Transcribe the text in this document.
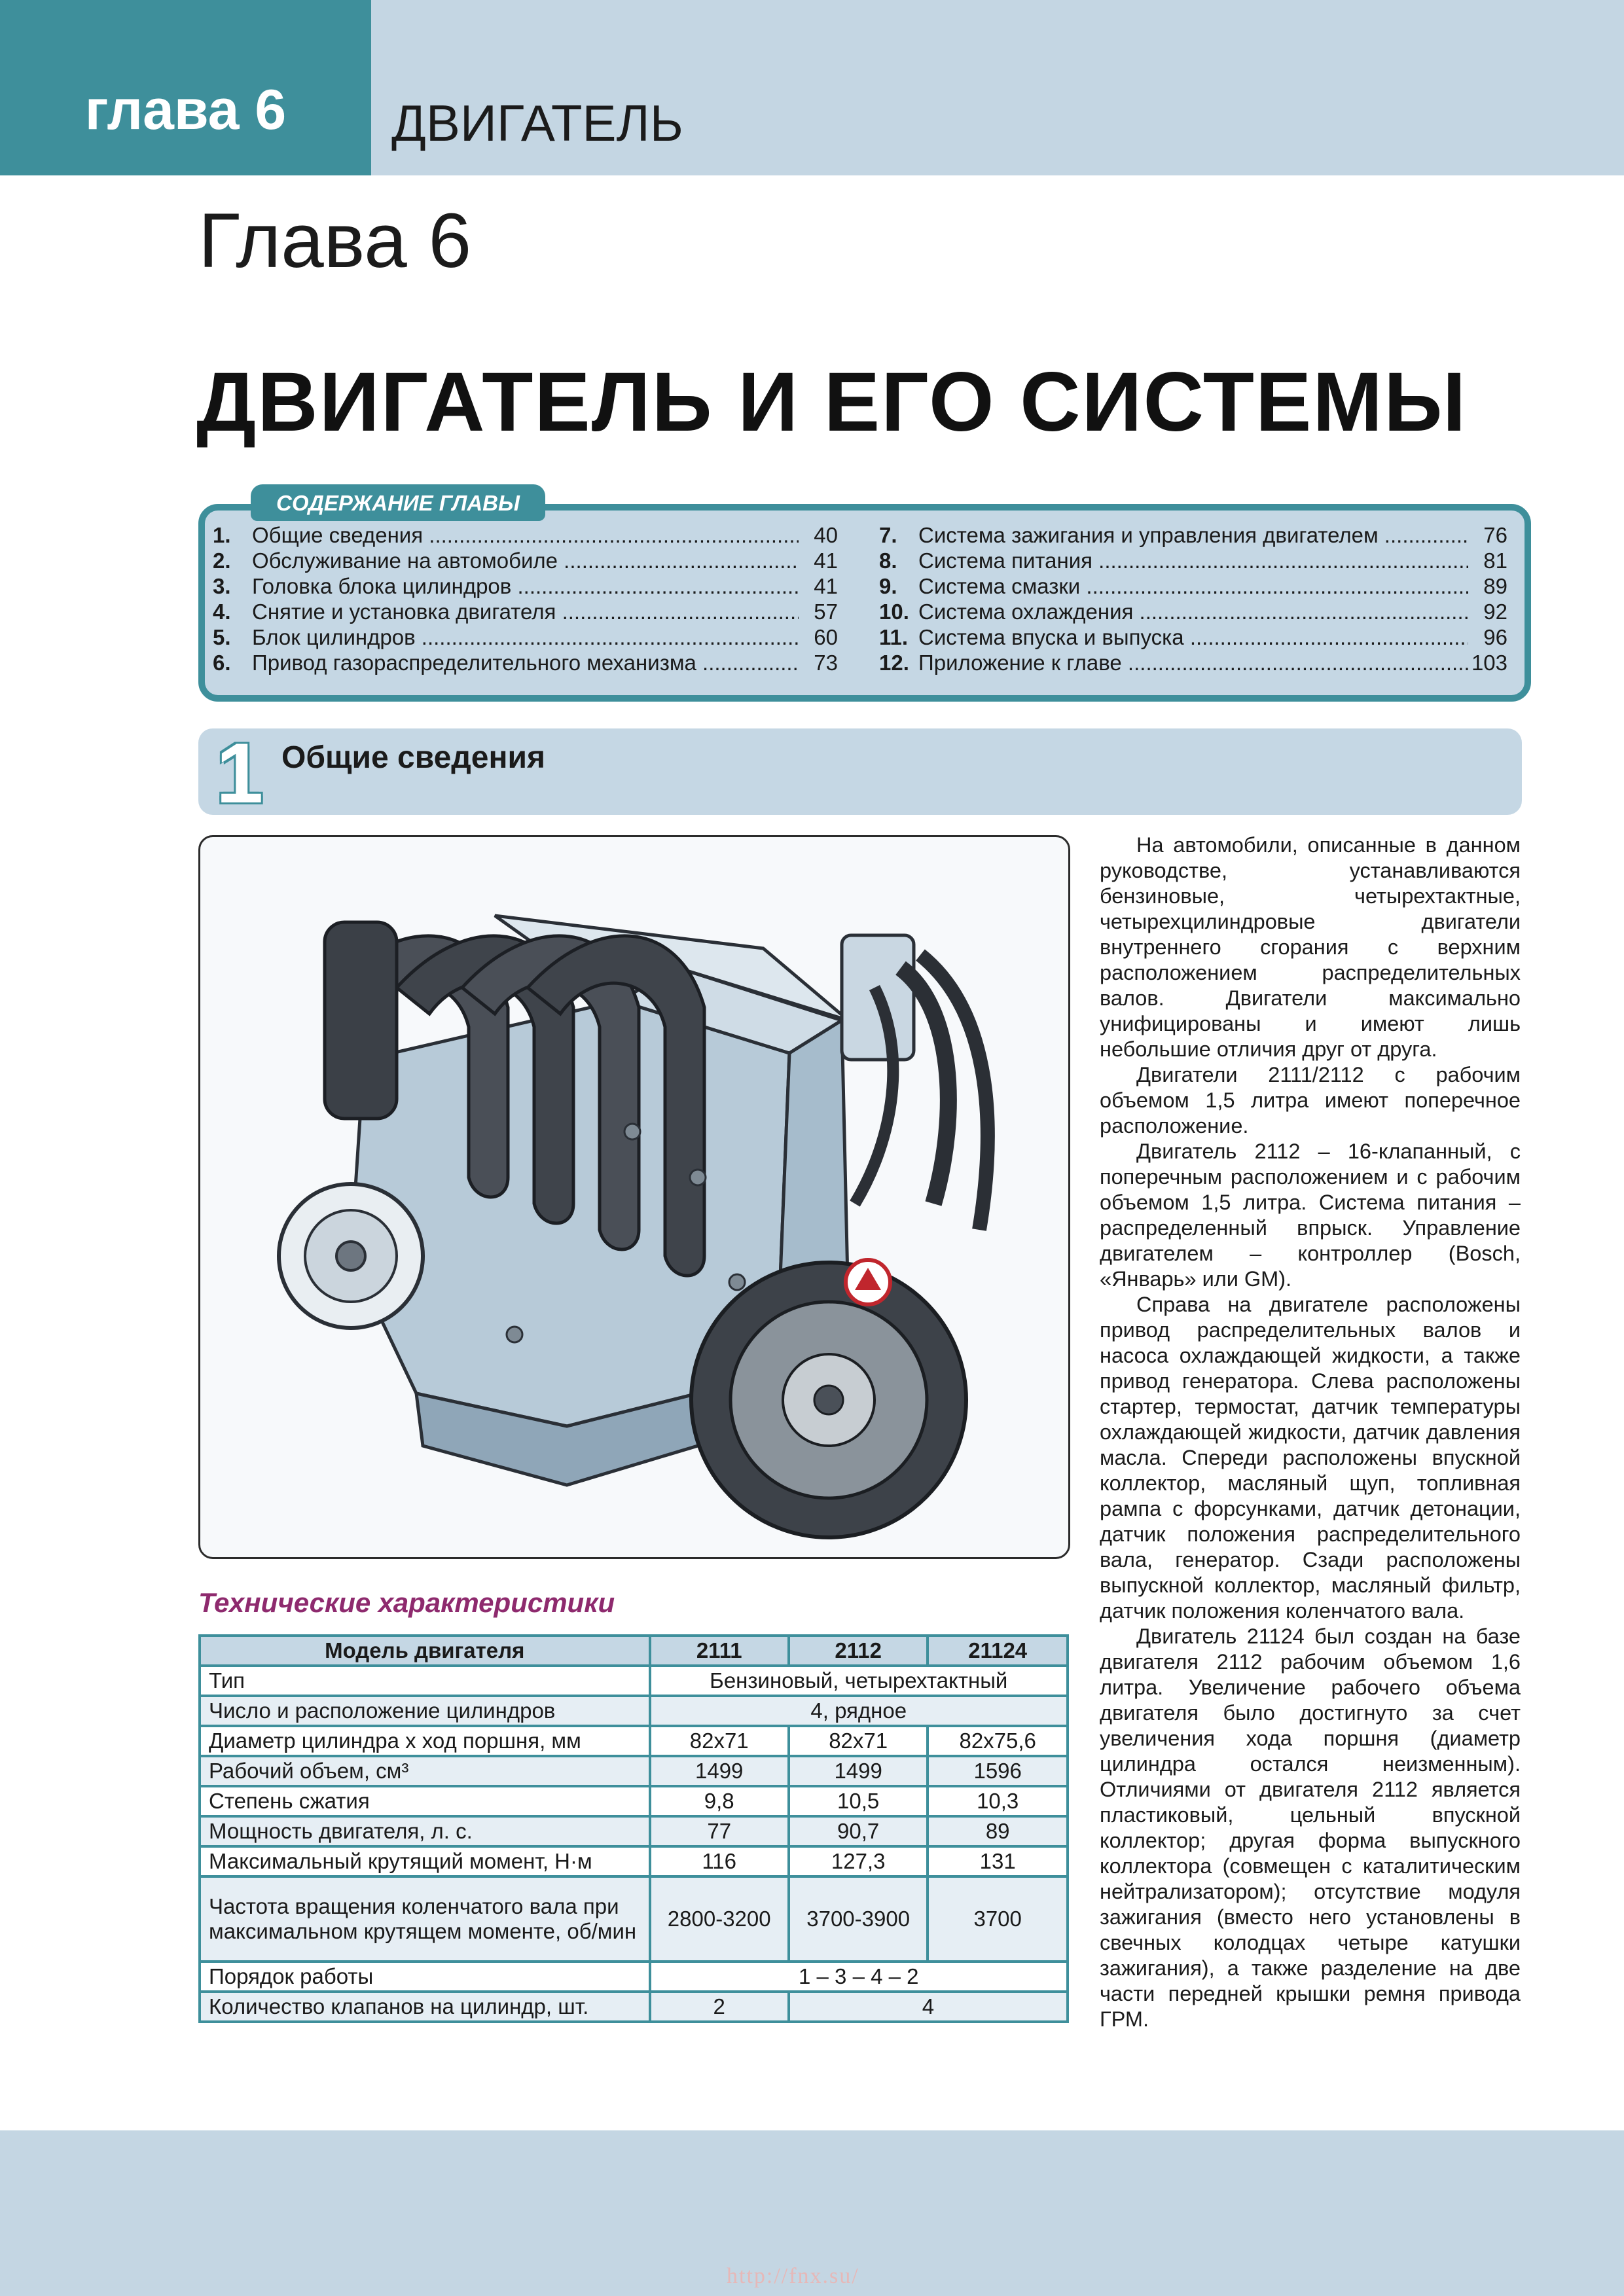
глава 6	ДВИГАТЕЛЬ
Глава 6
ДВИГАТЕЛЬ И ЕГО СИСТЕМЫ
СОДЕРЖАНИЕ ГЛАВЫ
1. Общие сведения .....	40
2. Обслуживание на автомобиле .....	41
3. Головка блока цилиндров .....	41
4. Снятие и установка двигателя .....	57
5. Блок цилиндров .....	60
6. Привод газораспределительного механизма .....	73
7. Система зажигания и управления двигателем .....	76
8. Система питания .....	81
9. Система смазки .....	89
10. Система охлаждения .....	92
11. Система впуска и выпуска .....	96
12. Приложение к главе .....	103
1 Общие сведения
Технические характеристики
Модель двигателя	2111	2112	21124
Тип	Бензиновый, четырехтактный		
Число и расположение цилиндров	4, рядное		
Диаметр цилиндра х ход поршня, мм	82х71	82х71	82х75,6
Рабочий объем, см³	1499	1499	1596
Степень сжатия	9,8	10,5	10,3
Мощность двигателя, л. с.	77	90,7	89
Максимальный крутящий момент, Н·м	116	127,3	131
Частота вращения коленчатого вала при максимальном крутящем моменте, об/мин	2800-3200	3700-3900	3700
Порядок работы	1 – 3 – 4 – 2		
Количество клапанов на цилиндр, шт.	2	4	

На автомобили, описанные в данном руководстве, устанавливаются бензиновые, четырехтактные, четырехцилиндровые двигатели внутреннего сгорания с верхним расположением распределительных валов. Двигатели максимально унифицированы и имеют лишь небольшие отличия друг от друга.

Двигатели 2111/2112 с рабочим объемом 1,5 литра имеют поперечное расположение.

Двигатель 2112 – 16-клапанный, с поперечным расположением и с рабочим объемом 1,5 литра. Система питания – распределенный впрыск. Управление двигателем – контроллер (Bosch, «Январь» или GM).

Справа на двигателе расположены привод распределительных валов и насоса охлаждающей жидкости, а также привод генератора. Слева расположены стартер, термостат, датчик температуры охлаждающей жидкости, датчик давления масла. Спереди расположены впускной коллектор, масляный щуп, топливная рампа с форсунками, датчик детонации, датчик положения распределительного вала, генератор. Сзади расположены выпускной коллектор, масляный фильтр, датчик положения коленчатого вала.

Двигатель 21124 был создан на базе двигателя 2112 рабочим объемом 1,6 литра. Увеличение рабочего объема двигателя было достигнуто за счет увеличения хода поршня (диаметр цилиндра остался неизменным). Отличиями от двигателя 2112 является пластиковый, цельный впускной коллектор; другая форма выпускного коллектора (совмещен с каталитическим нейтрализатором); отсутствие модуля зажигания (вместо него установлены в свечных колодцах четыре катушки зажигания), а также разделение на две части передней крышки ремня привода ГРМ.

http://fnx.su/
